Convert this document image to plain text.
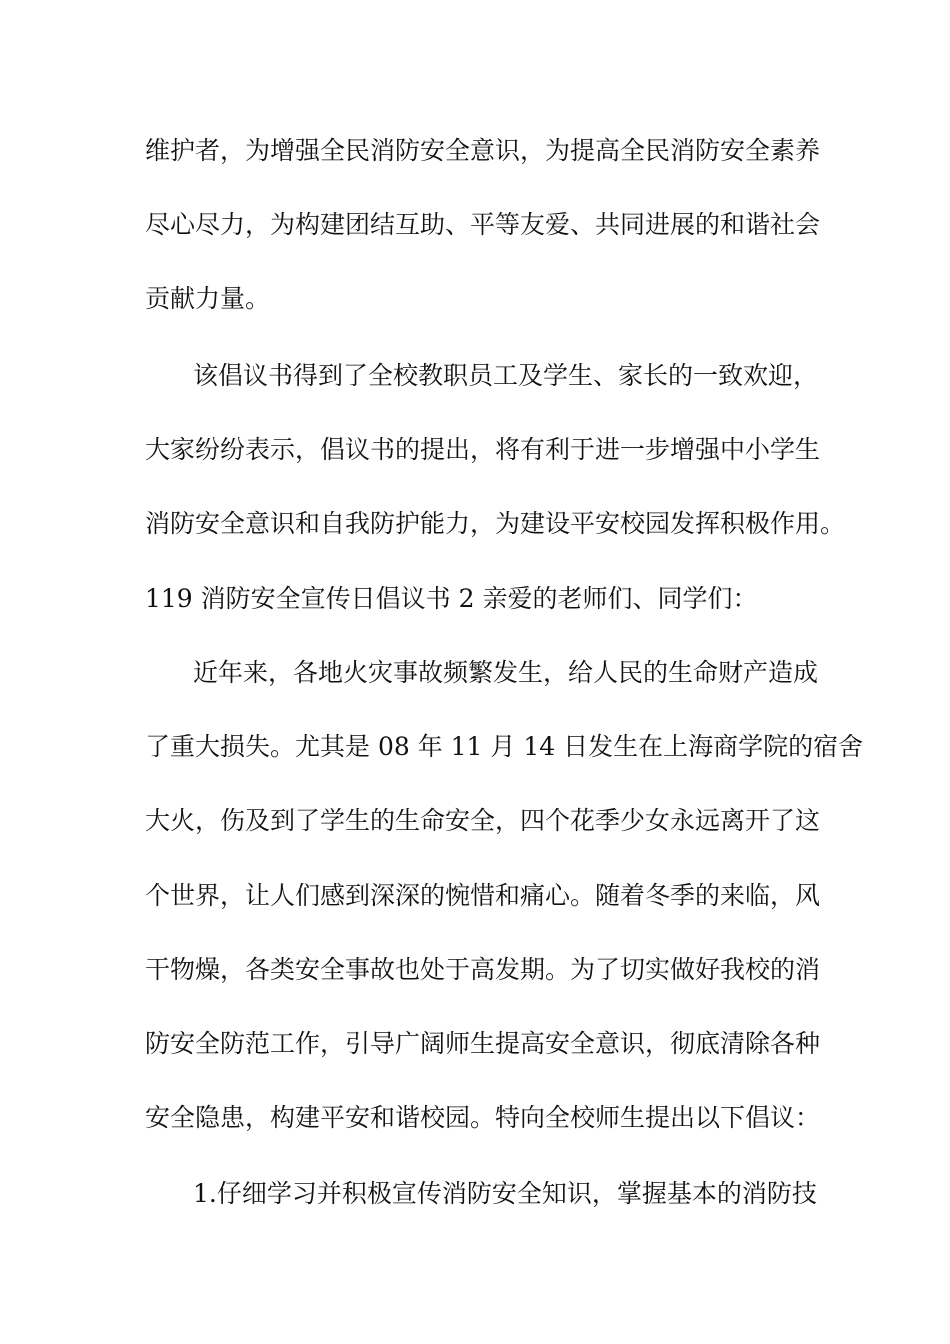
维护者，为增强全民消防安全意识，为提高全民消防安全素养
尽心尽力，为构建团结互助、平等友爱、共同进展的和谐社会
贡献力量。
该倡议书得到了全校教职员工及学生、家长的一致欢迎，
大家纷纷表示，倡议书的提出，将有利于进一步增强中小学生
消防安全意识和自我防护能力，为建设平安校园发挥积极作用。
119 消防安全宣传日倡议书 2 亲爱的老师们、同学们：
近年来，各地火灾事故频繁发生，给人民的生命财产造成
了重大损失。尤其是 08 年 11 月 14 日发生在上海商学院的宿舍
大火，伤及到了学生的生命安全，四个花季少女永远离开了这
个世界，让人们感到深深的惋惜和痛心。随着冬季的来临，风
干物燥，各类安全事故也处于高发期。为了切实做好我校的消
防安全防范工作，引导广阔师生提高安全意识，彻底清除各种
安全隐患，构建平安和谐校园。特向全校师生提出以下倡议：
1.仔细学习并积极宣传消防安全知识，掌握基本的消防技
